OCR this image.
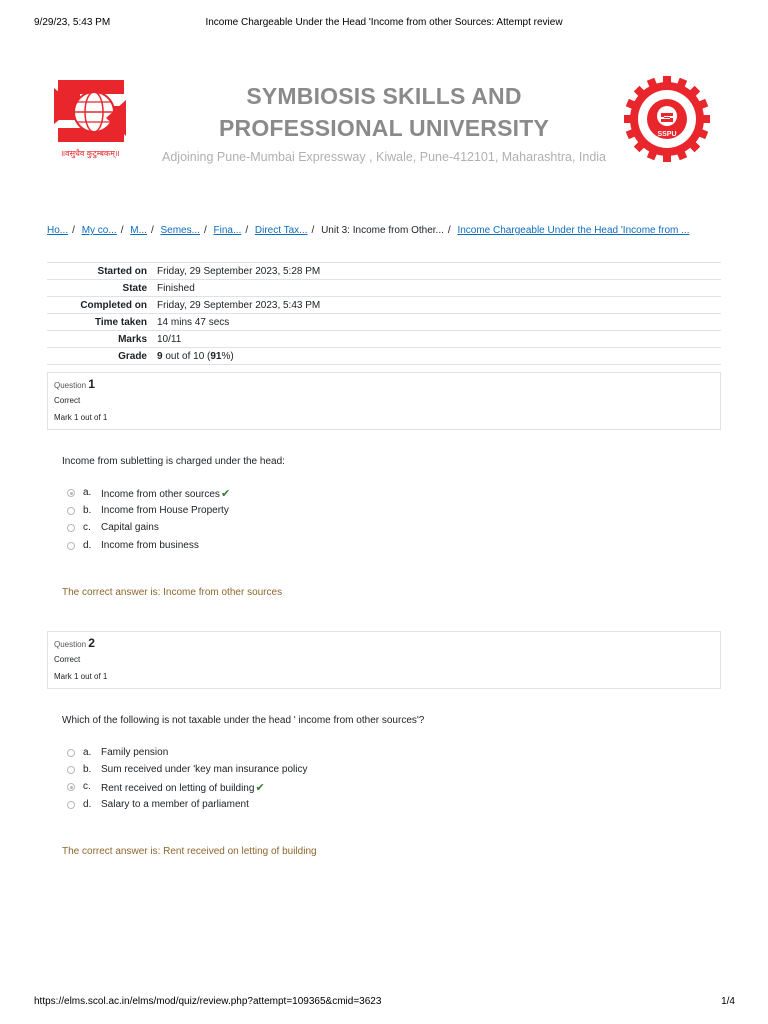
9/29/23, 5:43 PM	Income Chargeable Under the Head 'Income from other Sources: Attempt review
॥वसुधैव कुटुम्बकम्॥
SYMBIOSIS SKILLS AND
PROFESSIONAL UNIVERSITY
Adjoining Pune-Mumbai Expressway , Kiwale, Pune-412101, Maharashtra, India
SSPU
Ho... / My co... / M... / Semes... / Fina... / Direct Tax... / Unit 3: Income from Other... / Income Chargeable Under the Head 'Income from ...
Started on	Friday, 29 September 2023, 5:28 PM
State	Finished
Completed on	Friday, 29 September 2023, 5:43 PM
Time taken	14 mins 47 secs
Marks	10/11
Grade	9 out of 10 (91%)
Question 1
Correct
Mark 1 out of 1
Income from subletting is charged under the head:
a. Income from other sources✔
b. Income from House Property
c. Capital gains
d. Income from business
The correct answer is: Income from other sources
Question 2
Correct
Mark 1 out of 1
Which of the following is not taxable under the head ' income from other sources'?
a. Family pension
b. Sum received under 'key man insurance policy
c. Rent received on letting of building✔
d. Salary to a member of parliament
The correct answer is: Rent received on letting of building
https://elms.scol.ac.in/elms/mod/quiz/review.php?attempt=109365&cmid=3623	1/4
